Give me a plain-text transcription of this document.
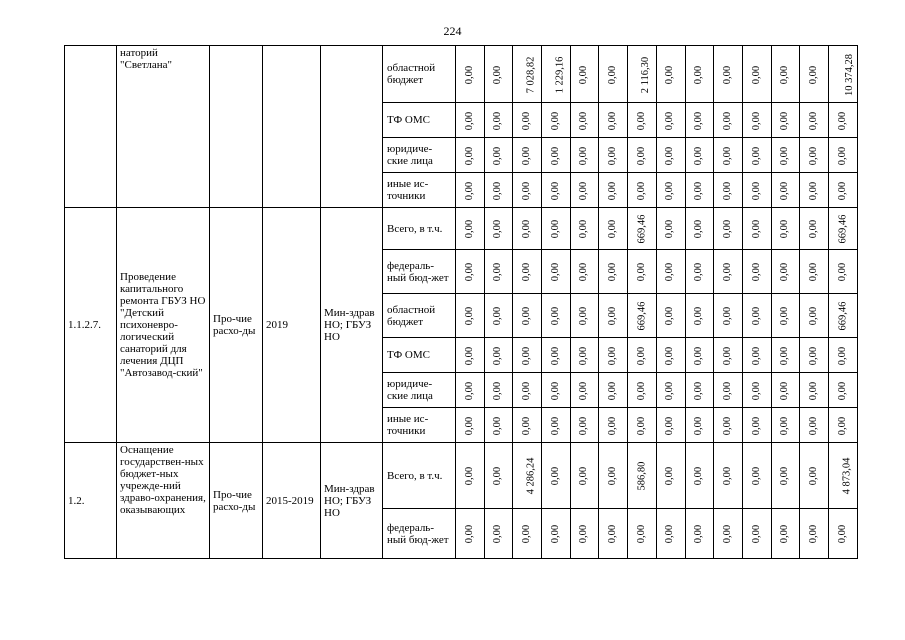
224
	наторий "Светлана"				областной бюджет	0,00	0,00	7 028,82	1 229,16	0,00	0,00	2 116,30	0,00	0,00	0,00	0,00	0,00	0,00	10 374,28
					ТФ ОМС	0,00	0,00	0,00	0,00	0,00	0,00	0,00	0,00	0,00	0,00	0,00	0,00	0,00	0,00
					юридиче-ские лица	0,00	0,00	0,00	0,00	0,00	0,00	0,00	0,00	0,00	0,00	0,00	0,00	0,00	0,00
					иные ис-точники	0,00	0,00	0,00	0,00	0,00	0,00	0,00	0,00	0,00	0,00	0,00	0,00	0,00	0,00
1.1.2.7.	Проведение капитального ремонта ГБУЗ НО "Детский психоневро-логический санаторий для лечения ДЦП "Автозавод-ский"	Про-чие расхо-ды	2019	Мин-здрав НО; ГБУЗ НО	Всего, в т.ч.	0,00	0,00	0,00	0,00	0,00	0,00	669,46	0,00	0,00	0,00	0,00	0,00	0,00	669,46
					федераль-ный бюд-жет	0,00	0,00	0,00	0,00	0,00	0,00	0,00	0,00	0,00	0,00	0,00	0,00	0,00	0,00
					областной бюджет	0,00	0,00	0,00	0,00	0,00	0,00	669,46	0,00	0,00	0,00	0,00	0,00	0,00	669,46
					ТФ ОМС	0,00	0,00	0,00	0,00	0,00	0,00	0,00	0,00	0,00	0,00	0,00	0,00	0,00	0,00
					юридиче-ские лица	0,00	0,00	0,00	0,00	0,00	0,00	0,00	0,00	0,00	0,00	0,00	0,00	0,00	0,00
					иные ис-точники	0,00	0,00	0,00	0,00	0,00	0,00	0,00	0,00	0,00	0,00	0,00	0,00	0,00	0,00
1.2.	Оснащение государствен-ных бюджет-ных учрежде-ний здраво-охранения, оказывающих	Про-чие расхо-ды	2015-2019	Мин-здрав НО; ГБУЗ НО	Всего, в т.ч.	0,00	0,00	4 286,24	0,00	0,00	0,00	586,80	0,00	0,00	0,00	0,00	0,00	0,00	4 873,04
					федераль-ный бюд-жет	0,00	0,00	0,00	0,00	0,00	0,00	0,00	0,00	0,00	0,00	0,00	0,00	0,00	0,00
